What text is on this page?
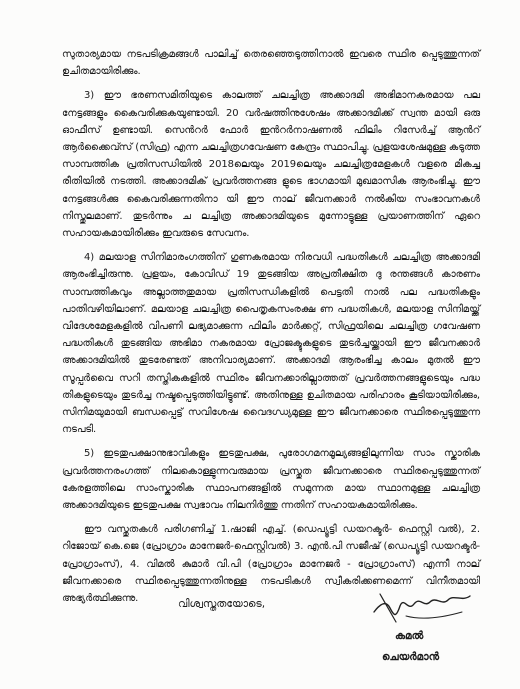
സുതാര്യമായ നടപടിക്രമങ്ങൾ പാലിച്ച് തെരഞ്ഞെടുത്തിനാൽ ഇവരെ സ്ഥിര പ്പെടുത്തുന്നത് ഉചിതമായിരിക്കും.

3) ഈ ഭരണസമിതിയുടെ കാലത്ത് ചലച്ചിത്ര അക്കാദമി അഭിമാനകരമായ പല നേട്ടങ്ങളും കൈവരിക്കുകയുണ്ടായി. 20 വർഷത്തിനുശേഷം അക്കാദമിക്ക് സ്വന്ത മായി ഒരു ഓഫീസ് ഉണ്ടായി. സെൻറർ ഫോർ ഇൻറർനാഷണൽ ഫിലിം റിസേർച്ച് ആൻറ് ആർക്കൈവ്സ് (സിഫ്ര) എന്ന ചലച്ചിത്രഗവേഷണ കേന്ദ്രം സ്ഥാപിച്ചു. പ്രളയശേഷമുള്ള കടുത്ത സാമ്പത്തിക പ്രതിസന്ധിയിൽ 2018ലെയും 2019ലെയും ചലച്ചിത്രമേളകൾ വളരെ മികച്ച രീതിയിൽ നടത്തി. അക്കാദമിക് പ്രവർത്തനങ്ങ ളുടെ ഭാഗമായി മുഖമാസിക ആരംഭിച്ചു. ഈ നേട്ടങ്ങൾക്കു കൈവരിക്കുന്നതിനാ യി ഈ നാല് ജീവനക്കാർ നൽകിയ സംഭാവനകൾ നിസ്തുലമാണ്. തുടർന്നും ച ലച്ചിത്ര അക്കാദമിയുടെ മുന്നോട്ടുള്ള പ്രയാണത്തിന് ഏറെ സഹായകമായിരിക്കും ഇവരുടെ സേവനം.

4) മലയാള സിനിമാരംഗത്തിന് ഗുണകരമായ നിരവധി പദ്ധതികൾ ചലച്ചിത്ര അക്കാദമി ആരംഭിച്ചിരുന്നു. പ്രളയം, കോവിഡ് 19 തുടങ്ങിയ അപ്രതീക്ഷിത ദു രന്തങ്ങൾ കാരണം സാമ്പത്തികവും അല്ലാത്തതുമായ പ്രതിസന്ധികളിൽ പെട്ടതി നാൽ പല പദ്ധതികളും പാതിവഴിയിലാണ്. മലയാള ചലച്ചിത്ര പൈതൃകസംരക്ഷ ണ പദ്ധതികൾ, മലയാള സിനിമയ്ക്ക് വിദേശമേളകളിൽ വിപണി ലഭ്യമാക്കുന്ന ഫിലിം മാർക്കറ്റ്, സിഫ്രയിലെ ചലച്ചിത്ര ഗവേഷണ പദ്ധതികൾ തുടങ്ങിയ അഭിമാ നകരമായ പ്രോജക്ടുകളുടെ തുടർച്ചയ്ക്കായി ഈ ജീവനക്കാർ അക്കാദമിയിൽ തുടരേണ്ടത് അനിവാര്യമാണ്. അക്കാദമി ആരംഭിച്ച കാലം മുതൽ ഈ സൂപ്പർവൈ സറി തസ്തികകളിൽ സ്ഥിരം ജീവനക്കാരില്ലാത്തത് പ്രവർത്തനങ്ങളുടെയും പദ്ധ തികളുടെയും തുടർച്ച നഷ്ടപ്പെടുത്തിയിട്ടുണ്ട്. അതിനുള്ള ഉചിതമായ പരിഹാരം കൂടിയായിരിക്കും, സിനിമയുമായി ബന്ധപ്പെട്ട് സവിശേഷ വൈദഗ്ധ്യമുള്ള ഈ ജീവനക്കാരെ സ്ഥിരപ്പെടുത്തുന്ന നടപടി.

5) ഇടതുപക്ഷാനുഭാവികളും ഇടതുപക്ഷ, പുരോഗമനമൂല്യങ്ങളിലുന്നിയ സാം സ്കാരിക പ്രവർത്തനരംഗത്ത് നിലകൊള്ളുന്നവരുമായ പ്രസ്തുത ജീവനക്കാരെ സ്ഥിരപ്പെടുത്തുന്നത് കേരളത്തിലെ സാംസ്കാരിക സ്ഥാപനങ്ങളിൽ സമുന്നത മായ സ്ഥാനമുള്ള ചലച്ചിത്ര അക്കാദമിയുടെ ഇടതുപക്ഷ സ്വഭാവം നിലനിർത്തു ന്നതിന് സഹായകമായിരിക്കും.

ഈ വസ്തുതകൾ പരിഗണിച്ച് 1.ഷാജി എച്ച്. (ഡെപ്യൂട്ടി ഡയറക്ടർ- ഫെസ്റ്റി വൽ), 2. റിജോയ് കെ.ജെ (പ്രോഗ്രാം മാനേജർ-ഫെസ്റ്റിവൽ) 3. എൻ.പി സജീഷ് (ഡെപ്യൂട്ടി ഡയറക്ടർ- പ്രോഗ്രാംസ്), 4. വിമൽ കുമാർ വി.പി (പ്രോഗ്രാം മാനേജർ - പ്രോഗ്രാംസ്) എന്നീ നാല് ജീവനക്കാരെ സ്ഥിരപ്പെടുത്തുന്നതിനുള്ള നടപടികൾ സ്വീകരിക്കണമെന്ന് വിനീതമായി അഭ്യർത്ഥിക്കുന്നു.	വിശ്വസ്തതയോടെ,
കമൽ
ചെയർമാൻ
